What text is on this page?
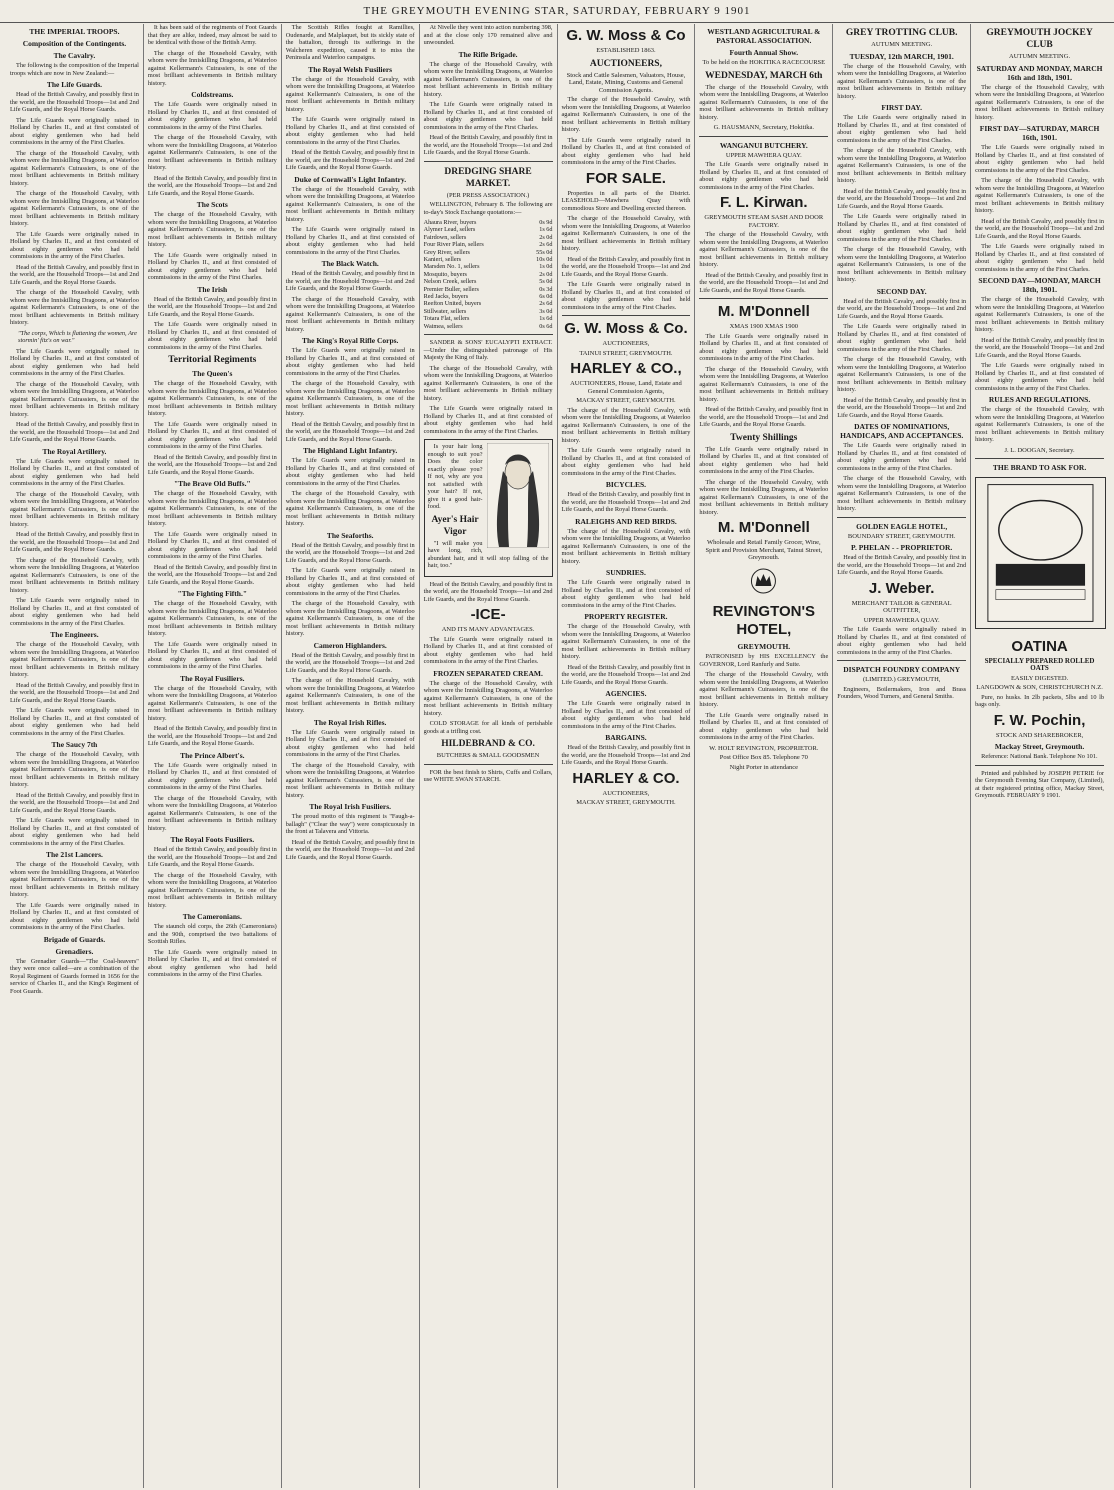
THE GREYMOUTH EVENING STAR, SATURDAY, FEBRUARY 9 1901
THE IMPERIAL TROOPS.
Composition of the Contingents.
The Cavalry.

The following is the composition of the Imperial troops which are now in New Zealand:—

The Life Guards.

Head of the British Cavalry, and possibly first in the world, are the Household Troops—1st and 2nd Life Guards, and the Royal Horse Guards.

The Life Guards were originally raised in Holland by Charles II., and at first consisted of about eighty gentlemen who had held commissions in the army of the First Charles.

The charge of the Household Cavalry, with whom were the Inniskilling Dragoons, at Waterloo against Kellermann's Cuirassiers, is one of the most brilliant achievements in British military history.

The charge of the Household Cavalry, with whom were the Inniskilling Dragoons, at Waterloo against Kellermann's Cuirassiers, is one of the most brilliant achievements in British military history.

The Life Guards were originally raised in Holland by Charles II., and at first consisted of about eighty gentlemen who had held commissions in the army of the First Charles.

Head of the British Cavalry, and possibly first in the world, are the Household Troops—1st and 2nd Life Guards, and the Royal Horse Guards.

The charge of the Household Cavalry, with whom were the Inniskilling Dragoons, at Waterloo against Kellermann's Cuirassiers, is one of the most brilliant achievements in British military history.

"The corps, Which is flattening the women, Are stormin' fitz's on war."

The Life Guards were originally raised in Holland by Charles II., and at first consisted of about eighty gentlemen who had held commissions in the army of the First Charles.

The charge of the Household Cavalry, with whom were the Inniskilling Dragoons, at Waterloo against Kellermann's Cuirassiers, is one of the most brilliant achievements in British military history.

Head of the British Cavalry, and possibly first in the world, are the Household Troops—1st and 2nd Life Guards, and the Royal Horse Guards.

The Royal Artillery.

The Life Guards were originally raised in Holland by Charles II., and at first consisted of about eighty gentlemen who had held commissions in the army of the First Charles.

The charge of the Household Cavalry, with whom were the Inniskilling Dragoons, at Waterloo against Kellermann's Cuirassiers, is one of the most brilliant achievements in British military history.

Head of the British Cavalry, and possibly first in the world, are the Household Troops—1st and 2nd Life Guards, and the Royal Horse Guards.

The charge of the Household Cavalry, with whom were the Inniskilling Dragoons, at Waterloo against Kellermann's Cuirassiers, is one of the most brilliant achievements in British military history.

The Life Guards were originally raised in Holland by Charles II., and at first consisted of about eighty gentlemen who had held commissions in the army of the First Charles.

The Engineers.

The charge of the Household Cavalry, with whom were the Inniskilling Dragoons, at Waterloo against Kellermann's Cuirassiers, is one of the most brilliant achievements in British military history.

Head of the British Cavalry, and possibly first in the world, are the Household Troops—1st and 2nd Life Guards, and the Royal Horse Guards.

The Life Guards were originally raised in Holland by Charles II., and at first consisted of about eighty gentlemen who had held commissions in the army of the First Charles.

The Saucy 7th

The charge of the Household Cavalry, with whom were the Inniskilling Dragoons, at Waterloo against Kellermann's Cuirassiers, is one of the most brilliant achievements in British military history.

Head of the British Cavalry, and possibly first in the world, are the Household Troops—1st and 2nd Life Guards, and the Royal Horse Guards.

The Life Guards were originally raised in Holland by Charles II., and at first consisted of about eighty gentlemen who had held commissions in the army of the First Charles.

The 21st Lancers.

The charge of the Household Cavalry, with whom were the Inniskilling Dragoons, at Waterloo against Kellermann's Cuirassiers, is one of the most brilliant achievements in British military history.

The Life Guards were originally raised in Holland by Charles II., and at first consisted of about eighty gentlemen who had held commissions in the army of the First Charles.

Brigade of Guards.
Grenadiers.

The Grenadier Guards—"The Coal-heavers" they were once called—are a combination of the Royal Regiment of Guards formed in 1656 for the service of Charles II., and the King's Regiment of Foot Guards.

It has been said of the regiments of Foot Guards that they are alike, indeed, may almost be said to be identical with those of the British Army.

The charge of the Household Cavalry, with whom were the Inniskilling Dragoons, at Waterloo against Kellermann's Cuirassiers, is one of the most brilliant achievements in British military history.

Coldstreams.

The Life Guards were originally raised in Holland by Charles II., and at first consisted of about eighty gentlemen who had held commissions in the army of the First Charles.

The charge of the Household Cavalry, with whom were the Inniskilling Dragoons, at Waterloo against Kellermann's Cuirassiers, is one of the most brilliant achievements in British military history.

Head of the British Cavalry, and possibly first in the world, are the Household Troops—1st and 2nd Life Guards, and the Royal Horse Guards.

The Scots

The charge of the Household Cavalry, with whom were the Inniskilling Dragoons, at Waterloo against Kellermann's Cuirassiers, is one of the most brilliant achievements in British military history.

The Life Guards were originally raised in Holland by Charles II., and at first consisted of about eighty gentlemen who had held commissions in the army of the First Charles.

The Irish

Head of the British Cavalry, and possibly first in the world, are the Household Troops—1st and 2nd Life Guards, and the Royal Horse Guards.

The Life Guards were originally raised in Holland by Charles II., and at first consisted of about eighty gentlemen who had held commissions in the army of the First Charles.

Territorial Regiments
The Queen's

The charge of the Household Cavalry, with whom were the Inniskilling Dragoons, at Waterloo against Kellermann's Cuirassiers, is one of the most brilliant achievements in British military history.

The Life Guards were originally raised in Holland by Charles II., and at first consisted of about eighty gentlemen who had held commissions in the army of the First Charles.

Head of the British Cavalry, and possibly first in the world, are the Household Troops—1st and 2nd Life Guards, and the Royal Horse Guards.

"The Brave Old Buffs."

The charge of the Household Cavalry, with whom were the Inniskilling Dragoons, at Waterloo against Kellermann's Cuirassiers, is one of the most brilliant achievements in British military history.

The Life Guards were originally raised in Holland by Charles II., and at first consisted of about eighty gentlemen who had held commissions in the army of the First Charles.

Head of the British Cavalry, and possibly first in the world, are the Household Troops—1st and 2nd Life Guards, and the Royal Horse Guards.

"The Fighting Fifth."

The charge of the Household Cavalry, with whom were the Inniskilling Dragoons, at Waterloo against Kellermann's Cuirassiers, is one of the most brilliant achievements in British military history.

The Life Guards were originally raised in Holland by Charles II., and at first consisted of about eighty gentlemen who had held commissions in the army of the First Charles.

The Royal Fusiliers.

The charge of the Household Cavalry, with whom were the Inniskilling Dragoons, at Waterloo against Kellermann's Cuirassiers, is one of the most brilliant achievements in British military history.

Head of the British Cavalry, and possibly first in the world, are the Household Troops—1st and 2nd Life Guards, and the Royal Horse Guards.

The Prince Albert's.

The Life Guards were originally raised in Holland by Charles II., and at first consisted of about eighty gentlemen who had held commissions in the army of the First Charles.

The charge of the Household Cavalry, with whom were the Inniskilling Dragoons, at Waterloo against Kellermann's Cuirassiers, is one of the most brilliant achievements in British military history.

The Royal Foots Fusiliers.

Head of the British Cavalry, and possibly first in the world, are the Household Troops—1st and 2nd Life Guards, and the Royal Horse Guards.

The charge of the Household Cavalry, with whom were the Inniskilling Dragoons, at Waterloo against Kellermann's Cuirassiers, is one of the most brilliant achievements in British military history.

The Cameronians.

The staunch old corps, the 26th (Cameronians) and the 90th, comprised the two battalions of Scottish Rifles.

The Life Guards were originally raised in Holland by Charles II., and at first consisted of about eighty gentlemen who had held commissions in the army of the First Charles.

The Scottish Rifles fought at Ramillies, Oudenarde, and Malplaquet, but its sickly state of the battalion, through its sufferings in the Walcheren expedition, caused it to miss the Peninsula and Waterloo campaigns.

The Royal Welsh Fusiliers

The charge of the Household Cavalry, with whom were the Inniskilling Dragoons, at Waterloo against Kellermann's Cuirassiers, is one of the most brilliant achievements in British military history.

The Life Guards were originally raised in Holland by Charles II., and at first consisted of about eighty gentlemen who had held commissions in the army of the First Charles.

Head of the British Cavalry, and possibly first in the world, are the Household Troops—1st and 2nd Life Guards, and the Royal Horse Guards.

Duke of Cornwall's Light Infantry.

The charge of the Household Cavalry, with whom were the Inniskilling Dragoons, at Waterloo against Kellermann's Cuirassiers, is one of the most brilliant achievements in British military history.

The Life Guards were originally raised in Holland by Charles II., and at first consisted of about eighty gentlemen who had held commissions in the army of the First Charles.

The Black Watch.

Head of the British Cavalry, and possibly first in the world, are the Household Troops—1st and 2nd Life Guards, and the Royal Horse Guards.

The charge of the Household Cavalry, with whom were the Inniskilling Dragoons, at Waterloo against Kellermann's Cuirassiers, is one of the most brilliant achievements in British military history.

The King's Royal Rifle Corps.

The Life Guards were originally raised in Holland by Charles II., and at first consisted of about eighty gentlemen who had held commissions in the army of the First Charles.

The charge of the Household Cavalry, with whom were the Inniskilling Dragoons, at Waterloo against Kellermann's Cuirassiers, is one of the most brilliant achievements in British military history.

Head of the British Cavalry, and possibly first in the world, are the Household Troops—1st and 2nd Life Guards, and the Royal Horse Guards.

The Highland Light Infantry.

The Life Guards were originally raised in Holland by Charles II., and at first consisted of about eighty gentlemen who had held commissions in the army of the First Charles.

The charge of the Household Cavalry, with whom were the Inniskilling Dragoons, at Waterloo against Kellermann's Cuirassiers, is one of the most brilliant achievements in British military history.

The Seaforths.

Head of the British Cavalry, and possibly first in the world, are the Household Troops—1st and 2nd Life Guards, and the Royal Horse Guards.

The Life Guards were originally raised in Holland by Charles II., and at first consisted of about eighty gentlemen who had held commissions in the army of the First Charles.

The charge of the Household Cavalry, with whom were the Inniskilling Dragoons, at Waterloo against Kellermann's Cuirassiers, is one of the most brilliant achievements in British military history.

Cameron Highlanders.

Head of the British Cavalry, and possibly first in the world, are the Household Troops—1st and 2nd Life Guards, and the Royal Horse Guards.

The charge of the Household Cavalry, with whom were the Inniskilling Dragoons, at Waterloo against Kellermann's Cuirassiers, is one of the most brilliant achievements in British military history.

The Royal Irish Rifles.

The Life Guards were originally raised in Holland by Charles II., and at first consisted of about eighty gentlemen who had held commissions in the army of the First Charles.

The charge of the Household Cavalry, with whom were the Inniskilling Dragoons, at Waterloo against Kellermann's Cuirassiers, is one of the most brilliant achievements in British military history.

The Royal Irish Fusiliers.

The proud motto of this regiment is "Faugh-a-ballagh" ("Clear the way") were conspicuously in the front at Talavera and Vittoria.

Head of the British Cavalry, and possibly first in the world, are the Household Troops—1st and 2nd Life Guards, and the Royal Horse Guards.

At Nivelle they went into action numbering 398, and at the close only 170 remained alive and unwounded.

The Rifle Brigade.

The charge of the Household Cavalry, with whom were the Inniskilling Dragoons, at Waterloo against Kellermann's Cuirassiers, is one of the most brilliant achievements in British military history.

The Life Guards were originally raised in Holland by Charles II., and at first consisted of about eighty gentlemen who had held commissions in the army of the First Charles.

Head of the British Cavalry, and possibly first in the world, are the Household Troops—1st and 2nd Life Guards, and the Royal Horse Guards.

DREDGING SHARE MARKET.
(PER PRESS ASSOCIATION.)

WELLINGTON, February 8. The following are to-day's Stock Exchange quotations:—

Ahaura River, buyers	0s 9d
Alymer Lead, sellers	1s 6d
Fairdown, sellers	2s 0d
Four River Plain, sellers	2s 6d
Grey River, sellers	55s 0d
Kanieri, sellers	10s 0d
Marsden No. 1, sellers	1s 0d
Mosquito, buyers	2s 0d
Nelson Creek, sellers	5s 0d
Premier Buller, sellers	0s 3d
Red Jacks, buyers	6s 0d
Reefton United, buyers	2s 6d
Stillwater, sellers	3s 0d
Totara Flat, sellers	1s 6d
Waimea, sellers	0s 6d

SANDER & SONS' EUCALYPTI EXTRACT.—Under the distinguished patronage of His Majesty the King of Italy.

The charge of the Household Cavalry, with whom were the Inniskilling Dragoons, at Waterloo against Kellermann's Cuirassiers, is one of the most brilliant achievements in British military history.

The Life Guards were originally raised in Holland by Charles II., and at first consisted of about eighty gentlemen who had held commissions in the army of the First Charles.

Is your hair long enough to suit you? Does the color exactly please you? If not, why are you not satisfied with your hair? If not, give it a good hair-food.

Ayer's Hair Vigor

"I will make you have long, rich, abundant hair, and it will stop falling of the hair, too."

Head of the British Cavalry, and possibly first in the world, are the Household Troops—1st and 2nd Life Guards, and the Royal Horse Guards.

-ICE-
AND ITS MANY ADVANTAGES.

The Life Guards were originally raised in Holland by Charles II., and at first consisted of about eighty gentlemen who had held commissions in the army of the First Charles.

FROZEN SEPARATED CREAM.

The charge of the Household Cavalry, with whom were the Inniskilling Dragoons, at Waterloo against Kellermann's Cuirassiers, is one of the most brilliant achievements in British military history.

COLD STORAGE for all kinds of perishable goods at a trifling cost.

HILDEBRAND & CO.
BUTCHERS & SMALL GOODSMEN

FOR the best finish to Shirts, Cuffs and Collars, use WHITE SWAN STARCH.

G. W. Moss & Co
ESTABLISHED 1863.
AUCTIONEERS,
Stock and Cattle Salesmen, Valuators, House, Land, Estate, Mining, Customs and General Commission Agents.

The charge of the Household Cavalry, with whom were the Inniskilling Dragoons, at Waterloo against Kellermann's Cuirassiers, is one of the most brilliant achievements in British military history.

The Life Guards were originally raised in Holland by Charles II., and at first consisted of about eighty gentlemen who had held commissions in the army of the First Charles.

FOR SALE.

Properties in all parts of the District. LEASEHOLD—Mawhera Quay with commodious Store and Dwelling erected thereon.

The charge of the Household Cavalry, with whom were the Inniskilling Dragoons, at Waterloo against Kellermann's Cuirassiers, is one of the most brilliant achievements in British military history.

Head of the British Cavalry, and possibly first in the world, are the Household Troops—1st and 2nd Life Guards, and the Royal Horse Guards.

The Life Guards were originally raised in Holland by Charles II., and at first consisted of about eighty gentlemen who had held commissions in the army of the First Charles.

G. W. Moss & Co.
AUCTIONEERS,
TAINUI STREET, GREYMOUTH.
HARLEY & CO.,
AUCTIONEERS, House, Land, Estate and General Commission Agents,
MACKAY STREET, GREYMOUTH.

The charge of the Household Cavalry, with whom were the Inniskilling Dragoons, at Waterloo against Kellermann's Cuirassiers, is one of the most brilliant achievements in British military history.

The Life Guards were originally raised in Holland by Charles II., and at first consisted of about eighty gentlemen who had held commissions in the army of the First Charles.

BICYCLES.

Head of the British Cavalry, and possibly first in the world, are the Household Troops—1st and 2nd Life Guards, and the Royal Horse Guards.

RALEIGHS AND RED BIRDS.

The charge of the Household Cavalry, with whom were the Inniskilling Dragoons, at Waterloo against Kellermann's Cuirassiers, is one of the most brilliant achievements in British military history.

SUNDRIES.

The Life Guards were originally raised in Holland by Charles II., and at first consisted of about eighty gentlemen who had held commissions in the army of the First Charles.

PROPERTY REGISTER.

The charge of the Household Cavalry, with whom were the Inniskilling Dragoons, at Waterloo against Kellermann's Cuirassiers, is one of the most brilliant achievements in British military history.

Head of the British Cavalry, and possibly first in the world, are the Household Troops—1st and 2nd Life Guards, and the Royal Horse Guards.

AGENCIES.

The Life Guards were originally raised in Holland by Charles II., and at first consisted of about eighty gentlemen who had held commissions in the army of the First Charles.

BARGAINS.

Head of the British Cavalry, and possibly first in the world, are the Household Troops—1st and 2nd Life Guards, and the Royal Horse Guards.

HARLEY & CO.
AUCTIONEERS,
MACKAY STREET, GREYMOUTH.
WESTLAND AGRICULTURAL & PASTORAL ASSOCIATION.
Fourth Annual Show.
To be held on the HOKITIKA RACECOURSE
WEDNESDAY, MARCH 6th

The charge of the Household Cavalry, with whom were the Inniskilling Dragoons, at Waterloo against Kellermann's Cuirassiers, is one of the most brilliant achievements in British military history.

G. HAUSMANN, Secretary, Hokitika.
WANGANUI BUTCHERY.
UPPER MAWHERA QUAY.

The Life Guards were originally raised in Holland by Charles II., and at first consisted of about eighty gentlemen who had held commissions in the army of the First Charles.

F. L. Kirwan.
GREYMOUTH STEAM SASH AND DOOR FACTORY.

The charge of the Household Cavalry, with whom were the Inniskilling Dragoons, at Waterloo against Kellermann's Cuirassiers, is one of the most brilliant achievements in British military history.

Head of the British Cavalry, and possibly first in the world, are the Household Troops—1st and 2nd Life Guards, and the Royal Horse Guards.

M. M'Donnell
XMAS 1900 XMAS 1900

The Life Guards were originally raised in Holland by Charles II., and at first consisted of about eighty gentlemen who had held commissions in the army of the First Charles.

The charge of the Household Cavalry, with whom were the Inniskilling Dragoons, at Waterloo against Kellermann's Cuirassiers, is one of the most brilliant achievements in British military history.

Head of the British Cavalry, and possibly first in the world, are the Household Troops—1st and 2nd Life Guards, and the Royal Horse Guards.

Twenty Shillings

The Life Guards were originally raised in Holland by Charles II., and at first consisted of about eighty gentlemen who had held commissions in the army of the First Charles.

The charge of the Household Cavalry, with whom were the Inniskilling Dragoons, at Waterloo against Kellermann's Cuirassiers, is one of the most brilliant achievements in British military history.

M. M'Donnell
Wholesale and Retail Family Grocer, Wine, Spirit and Provision Merchant, Tainui Street, Greymouth.
REVINGTON'S HOTEL,
GREYMOUTH.

PATRONISED by HIS EXCELLENCY the GOVERNOR, Lord Ranfurly and Suite.

The charge of the Household Cavalry, with whom were the Inniskilling Dragoons, at Waterloo against Kellermann's Cuirassiers, is one of the most brilliant achievements in British military history.

The Life Guards were originally raised in Holland by Charles II., and at first consisted of about eighty gentlemen who had held commissions in the army of the First Charles.

W. HOLT REVINGTON, PROPRIETOR.
Post Office Box 85. Telephone 70
Night Porter in attendance
GREY TROTTING CLUB.
AUTUMN MEETING.
TUESDAY, 12th MARCH, 1901.

The charge of the Household Cavalry, with whom were the Inniskilling Dragoons, at Waterloo against Kellermann's Cuirassiers, is one of the most brilliant achievements in British military history.

FIRST DAY.

The Life Guards were originally raised in Holland by Charles II., and at first consisted of about eighty gentlemen who had held commissions in the army of the First Charles.

The charge of the Household Cavalry, with whom were the Inniskilling Dragoons, at Waterloo against Kellermann's Cuirassiers, is one of the most brilliant achievements in British military history.

Head of the British Cavalry, and possibly first in the world, are the Household Troops—1st and 2nd Life Guards, and the Royal Horse Guards.

The Life Guards were originally raised in Holland by Charles II., and at first consisted of about eighty gentlemen who had held commissions in the army of the First Charles.

The charge of the Household Cavalry, with whom were the Inniskilling Dragoons, at Waterloo against Kellermann's Cuirassiers, is one of the most brilliant achievements in British military history.

SECOND DAY.

Head of the British Cavalry, and possibly first in the world, are the Household Troops—1st and 2nd Life Guards, and the Royal Horse Guards.

The Life Guards were originally raised in Holland by Charles II., and at first consisted of about eighty gentlemen who had held commissions in the army of the First Charles.

The charge of the Household Cavalry, with whom were the Inniskilling Dragoons, at Waterloo against Kellermann's Cuirassiers, is one of the most brilliant achievements in British military history.

Head of the British Cavalry, and possibly first in the world, are the Household Troops—1st and 2nd Life Guards, and the Royal Horse Guards.

DATES OF NOMINATIONS, HANDICAPS, AND ACCEPTANCES.

The Life Guards were originally raised in Holland by Charles II., and at first consisted of about eighty gentlemen who had held commissions in the army of the First Charles.

The charge of the Household Cavalry, with whom were the Inniskilling Dragoons, at Waterloo against Kellermann's Cuirassiers, is one of the most brilliant achievements in British military history.

GOLDEN EAGLE HOTEL,
BOUNDARY STREET, GREYMOUTH.
P. PHELAN - - PROPRIETOR.

Head of the British Cavalry, and possibly first in the world, are the Household Troops—1st and 2nd Life Guards, and the Royal Horse Guards.

J. Weber.
MERCHANT TAILOR & GENERAL OUTFITTER,
UPPER MAWHERA QUAY.

The Life Guards were originally raised in Holland by Charles II., and at first consisted of about eighty gentlemen who had held commissions in the army of the First Charles.

DISPATCH FOUNDRY COMPANY
(LIMITED.) GREYMOUTH,

Engineers, Boilermakers, Iron and Brass Founders, Wood Turners, and General Smiths.

GREYMOUTH JOCKEY CLUB
AUTUMN MEETING.
SATURDAY AND MONDAY, MARCH 16th and 18th, 1901.

The charge of the Household Cavalry, with whom were the Inniskilling Dragoons, at Waterloo against Kellermann's Cuirassiers, is one of the most brilliant achievements in British military history.

FIRST DAY—SATURDAY, MARCH 16th, 1901.

The Life Guards were originally raised in Holland by Charles II., and at first consisted of about eighty gentlemen who had held commissions in the army of the First Charles.

The charge of the Household Cavalry, with whom were the Inniskilling Dragoons, at Waterloo against Kellermann's Cuirassiers, is one of the most brilliant achievements in British military history.

Head of the British Cavalry, and possibly first in the world, are the Household Troops—1st and 2nd Life Guards, and the Royal Horse Guards.

The Life Guards were originally raised in Holland by Charles II., and at first consisted of about eighty gentlemen who had held commissions in the army of the First Charles.

SECOND DAY—MONDAY, MARCH 18th, 1901.

The charge of the Household Cavalry, with whom were the Inniskilling Dragoons, at Waterloo against Kellermann's Cuirassiers, is one of the most brilliant achievements in British military history.

Head of the British Cavalry, and possibly first in the world, are the Household Troops—1st and 2nd Life Guards, and the Royal Horse Guards.

The Life Guards were originally raised in Holland by Charles II., and at first consisted of about eighty gentlemen who had held commissions in the army of the First Charles.

RULES AND REGULATIONS.

The charge of the Household Cavalry, with whom were the Inniskilling Dragoons, at Waterloo against Kellermann's Cuirassiers, is one of the most brilliant achievements in British military history.

J. L. DOOGAN, Secretary.
THE BRAND TO ASK FOR.
OATINA
SPECIALLY PREPARED ROLLED OATS
EASILY DIGESTED.
LANGDOWN & SON, CHRISTCHURCH N.Z.

Pure, no husks. In 2lb packets, 5lbs and 10 lb bags only.

F. W. Pochin,
STOCK AND SHAREBROKER,
Mackay Street, Greymouth.

Reference: National Bank. Telephone No 101.

Printed and published by JOSEPH PETRIE for the Greymouth Evening Star Company, (Limited), at their registered printing office, Mackay Street, Greymouth. FEBRUARY 9 1901.
